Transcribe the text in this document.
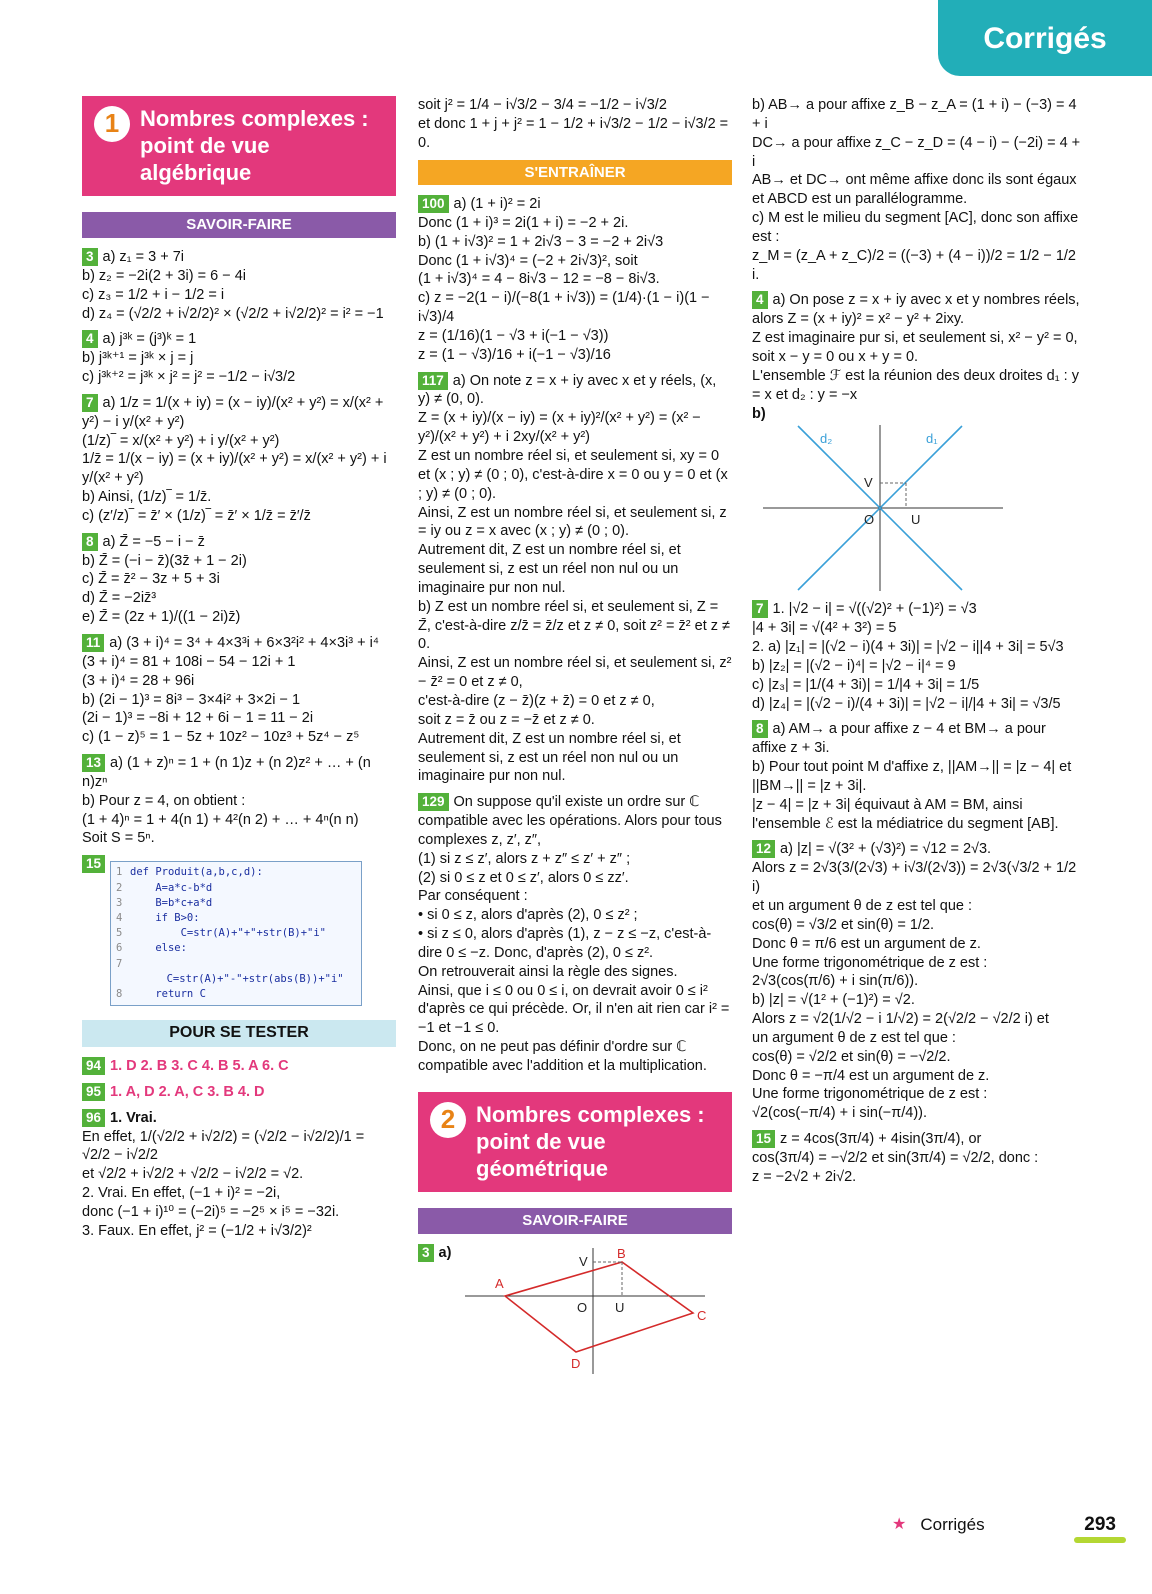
Corrigés
1 Nombres complexes : point de vue algébrique
SAVOIR-FAIRE
3 a) z₁ = 3 + 7i
b) z₂ = −2i(2 + 3i) = 6 − 4i
c) z₃ = 1/2 + i − 1/2 = i
d) z₄ = (√2/2 + i√2/2)² × (√2/2 + i√2/2)² = i² = −1
4 a) j³ᵏ = (j³)ᵏ = 1
b) j³ᵏ⁺¹ = j³ᵏ × j = j
c) j³ᵏ⁺² = j³ᵏ × j² = j² = −1/2 − i√3/2
7 a) 1/z = 1/(x + iy) = (x − iy)/(x² + y²) = x/(x² + y²) − i y/(x² + y²)
(1/z)‾ = x/(x² + y²) + i y/(x² + y²)
1/z̄ = 1/(x − iy) = (x + iy)/(x² + y²) = x/(x² + y²) + i y/(x² + y²)
b) Ainsi, (1/z)‾ = 1/z̄.
c) (z′/z)‾ = z̄′ × (1/z)‾ = z̄′ × 1/z̄ = z̄′/z̄
8 a) Z̄ = −5 − i − z̄
b) Z̄ = (−i − z̄)(3z̄ + 1 − 2i)
c) Z̄ = z̄² − 3z + 5 + 3i
d) Z̄ = −2iz̄³
e) Z̄ = (2z + 1)/((1 − 2i)z̄)
11 a) (3 + i)⁴ = 3⁴ + 4×3³i + 6×3²i² + 4×3i³ + i⁴
(3 + i)⁴ = 81 + 108i − 54 − 12i + 1
(3 + i)⁴ = 28 + 96i
b) (2i − 1)³ = 8i³ − 3×4i² + 3×2i − 1
(2i − 1)³ = −8i + 12 + 6i − 1 = 11 − 2i
c) (1 − z)⁵ = 1 − 5z + 10z² − 10z³ + 5z⁴ − z⁵
13 a) (1 + z)ⁿ = 1 + (n 1)z + (n 2)z² + … + (n n)zⁿ
b) Pour z = 4, on obtient :
(1 + 4)ⁿ = 1 + 4(n 1) + 4²(n 2) + … + 4ⁿ(n n)
Soit S = 5ⁿ.
15
1 def Produit(a,b,c,d):
2    A=a*c-b*d
3    B=b*c+a*d
4    if B>0:
5        C=str(A)+"+"+str(B)+"i"
6    else:
7        C=str(A)+"-"+str(abs(B))+"i"
8    return C
POUR SE TESTER
94 1. D 2. B 3. C 4. B 5. A 6. C
95 1. A, D 2. A, C 3. B 4. D
96 1. Vrai.
En effet, 1/(√2/2 + i√2/2) = (√2/2 − i√2/2)/1 = √2/2 − i√2/2
et √2/2 + i√2/2 + √2/2 − i√2/2 = √2.
2. Vrai. En effet, (−1 + i)² = −2i,
donc (−1 + i)¹⁰ = (−2i)⁵ = −2⁵ × i⁵ = −32i.
3. Faux. En effet, j² = (−1/2 + i√3/2)²
soit j² = 1/4 − i√3/2 − 3/4 = −1/2 − i√3/2
et donc 1 + j + j² = 1 − 1/2 + i√3/2 − 1/2 − i√3/2 = 0.
S'ENTRAÎNER
100 a) (1 + i)² = 2i
Donc (1 + i)³ = 2i(1 + i) = −2 + 2i.
b) (1 + i√3)² = 1 + 2i√3 − 3 = −2 + 2i√3
Donc (1 + i√3)⁴ = (−2 + 2i√3)², soit
(1 + i√3)⁴ = 4 − 8i√3 − 12 = −8 − 8i√3.
c) z = −2(1 − i)/(−8(1 + i√3)) = (1/4)·(1 − i)(1 − i√3)/4
z = (1/16)(1 − √3 + i(−1 − √3))
z = (1 − √3)/16 + i(−1 − √3)/16
117 a) On note z = x + iy avec x et y réels, (x, y) ≠ (0, 0).
Z = (x + iy)/(x − iy) = (x + iy)²/(x² + y²) = (x² − y²)/(x² + y²) + i 2xy/(x² + y²)
Z est un nombre réel si, et seulement si, xy = 0 et (x ; y) ≠ (0 ; 0), c'est-à-dire x = 0 ou y = 0 et (x ; y) ≠ (0 ; 0).
Ainsi, Z est un nombre réel si, et seulement si, z = iy ou z = x avec (x ; y) ≠ (0 ; 0).
Autrement dit, Z est un nombre réel si, et seulement si, z est un réel non nul ou un imaginaire pur non nul.
b) Z est un nombre réel si, et seulement si, Z = Z̄, c'est-à-dire z/z̄ = z̄/z et z ≠ 0, soit z² = z̄² et z ≠ 0.
Ainsi, Z est un nombre réel si, et seulement si, z² − z̄² = 0 et z ≠ 0,
c'est-à-dire (z − z̄)(z + z̄) = 0 et z ≠ 0,
soit z = z̄ ou z = −z̄ et z ≠ 0.
Autrement dit, Z est un nombre réel si, et seulement si, z est un réel non nul ou un imaginaire pur non nul.
129 On suppose qu'il existe un ordre sur ℂ compatible avec les opérations. Alors pour tous complexes z, z′, z″,
(1) si z ≤ z′, alors z + z″ ≤ z′ + z″ ;
(2) si 0 ≤ z et 0 ≤ z′, alors 0 ≤ zz′.
Par conséquent :
• si 0 ≤ z, alors d'après (2), 0 ≤ z² ;
• si z ≤ 0, alors d'après (1), z − z ≤ −z, c'est-à-dire 0 ≤ −z. Donc, d'après (2), 0 ≤ z².
On retrouverait ainsi la règle des signes.
Ainsi, que i ≤ 0 ou 0 ≤ i, on devrait avoir 0 ≤ i² d'après ce qui précède. Or, il n'en ait rien car i² = −1 et −1 ≤ 0.
Donc, on ne peut pas définir d'ordre sur ℂ compatible avec l'addition et la multiplication.
2 Nombres complexes : point de vue géométrique
SAVOIR-FAIRE
3 a)
A
B
C
D
V
O U
b) AB→ a pour affixe z_B − z_A = (1 + i) − (−3) = 4 + i
DC→ a pour affixe z_C − z_D = (4 − i) − (−2i) = 4 + i
AB→ et DC→ ont même affixe donc ils sont égaux et ABCD est un parallélogramme.
c) M est le milieu du segment [AC], donc son affixe est :
z_M = (z_A + z_C)/2 = ((−3) + (4 − i))/2 = 1/2 − 1/2 i.
4 a) On pose z = x + iy avec x et y nombres réels, alors Z = (x + iy)² = x² − y² + 2ixy.
Z est imaginaire pur si, et seulement si, x² − y² = 0, soit x − y = 0 ou x + y = 0.
L'ensemble ℱ est la réunion des deux droites d₁ : y = x et d₂ : y = −x
b)
d₂	d₁
V
O	U
7 1. |√2 − i| = √((√2)² + (−1)²) = √3
|4 + 3i| = √(4² + 3²) = 5
2. a) |z₁| = |(√2 − i)(4 + 3i)| = |√2 − i||4 + 3i| = 5√3
b) |z₂| = |(√2 − i)⁴| = |√2 − i|⁴ = 9
c) |z₃| = |1/(4 + 3i)| = 1/|4 + 3i| = 1/5
d) |z₄| = |(√2 − i)/(4 + 3i)| = |√2 − i|/|4 + 3i| = √3/5
8 a) AM→ a pour affixe z − 4 et BM→ a pour affixe z + 3i.
b) Pour tout point M d'affixe z, ||AM→|| = |z − 4| et ||BM→|| = |z + 3i|.
|z − 4| = |z + 3i| équivaut à AM = BM, ainsi l'ensemble ℰ est la médiatrice du segment [AB].
12 a) |z| = √(3² + (√3)²) = √12 = 2√3.
Alors z = 2√3(3/(2√3) + i√3/(2√3)) = 2√3(√3/2 + 1/2 i)
et un argument θ de z est tel que :
cos(θ) = √3/2 et sin(θ) = 1/2.
Donc θ = π/6 est un argument de z.
Une forme trigonométrique de z est :
2√3(cos(π/6) + i sin(π/6)).
b) |z| = √(1² + (−1)²) = √2.
Alors z = √2(1/√2 − i 1/√2) = 2(√2/2 − √2/2 i) et
un argument θ de z est tel que :
cos(θ) = √2/2 et sin(θ) = −√2/2.
Donc θ = −π/4 est un argument de z.
Une forme trigonométrique de z est :
√2(cos(−π/4) + i sin(−π/4)).
15 z = 4cos(3π/4) + 4isin(3π/4), or
cos(3π/4) = −√2/2 et sin(3π/4) = √2/2, donc :
z = −2√2 + 2i√2.
★ Corrigés	293
